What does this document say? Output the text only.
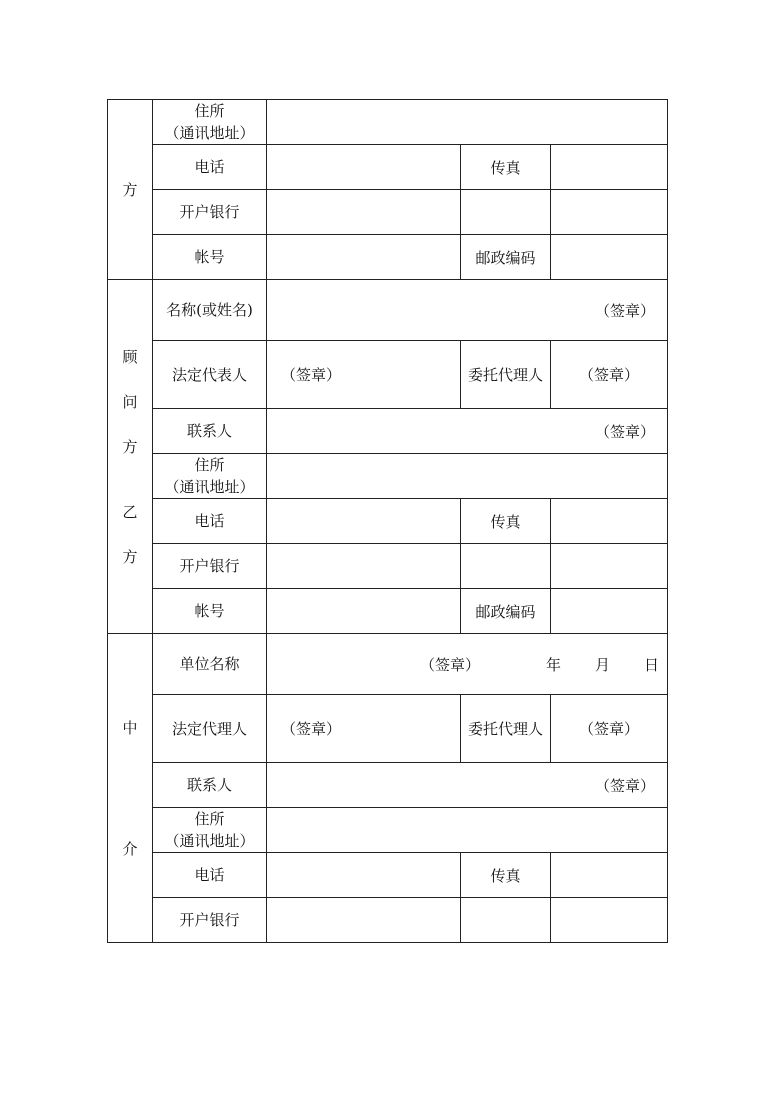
方	住所
（通讯地址）			

	电话		传真	
	开户银行			
	帐号		邮政编码	

顾
问
方
乙
方	名称(或姓名)	（签章）		
	法定代表人	（签章）	委托代理人	（签章）
	联系人	（签章）		

	住所
（通讯地址）			

	电话		传真	
	开户银行			
	帐号		邮政编码	

中
介	单位名称	（签章） 年 月 日		

	法定代理人	（签章）	委托代理人	（签章）
	联系人	（签章）		

	住所
（通讯地址）			

	电话		传真	
	开户银行			
